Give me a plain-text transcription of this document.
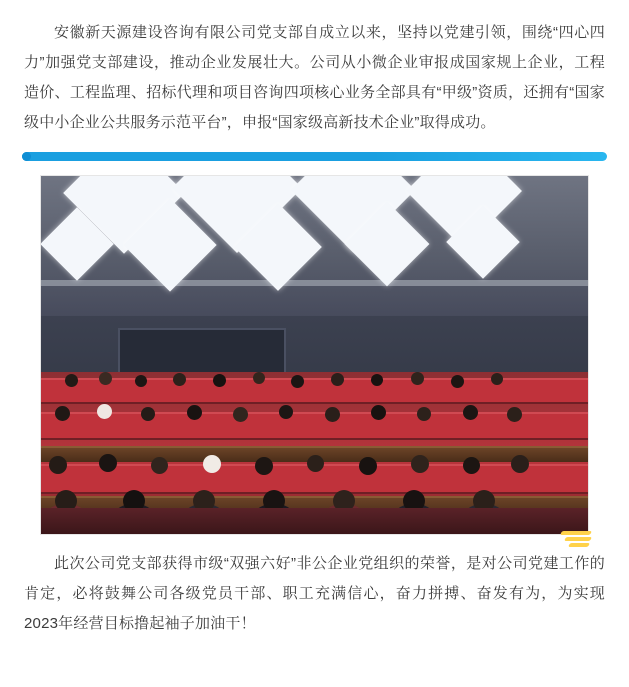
安徽新天源建设咨询有限公司党支部自成立以来，坚持以党建引领，围绕“四心四力”加强党支部建设，推动企业发展壮大。公司从小微企业审报成国家规上企业，工程造价、工程监理、招标代理和项目咨询四项核心业务全部具有“甲级”资质，还拥有“国家级中小企业公共服务示范平台”，申报“国家级高新技术企业”取得成功。

此次公司党支部获得市级“双强六好”非公企业党组织的荣誉，是对公司党建工作的肯定，必将鼓舞公司各级党员干部、职工充满信心，奋力拼搏、奋发有为，为实现2023年经营目标撸起袖子加油干！
